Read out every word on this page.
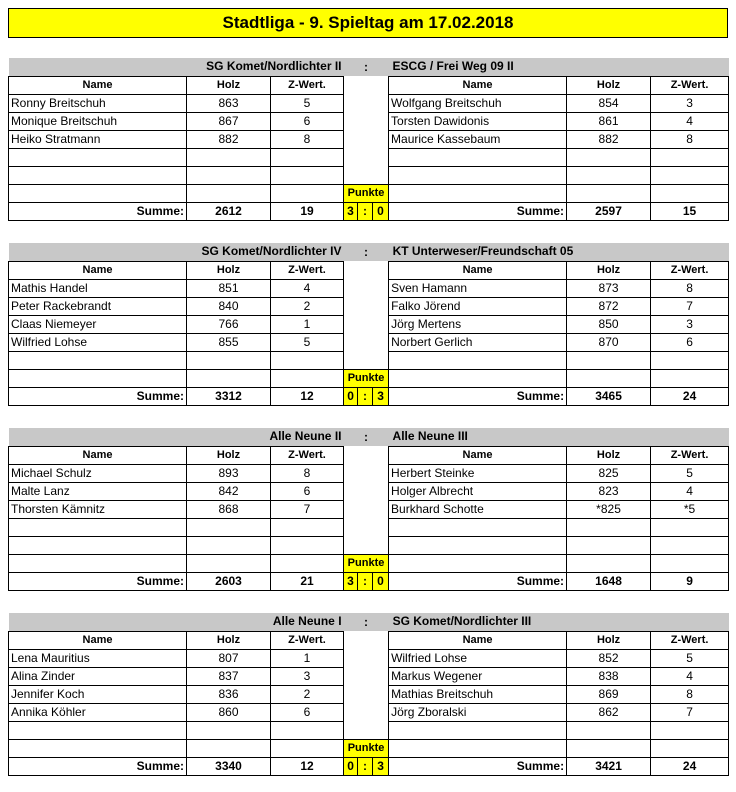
Stadtliga - 9. Spieltag am 17.02.2018
SG Komet/Nordlichter II			:			ESCG / Frei Weg 09 II		
Name	Holz	Z-Wert.				Name	Holz	Z-Wert.
Ronny Breitschuh	863	5				Wolfgang Breitschuh	854	3
Monique Breitschuh	867	6				Torsten Dawidonis	861	4
Heiko Stratmann	882	8				Maurice Kassebaum	882	8

			Punkte					
Summe:	2612	19	3	:	0	Summe:	2597	15
SG Komet/Nordlichter IV			:			KT Unterweser/Freundschaft 05		
Name	Holz	Z-Wert.				Name	Holz	Z-Wert.
Mathis Handel	851	4				Sven Hamann	873	8
Peter Rackebrandt	840	2				Falko Jörend	872	7
Claas Niemeyer	766	1				Jörg Mertens	850	3
Wilfried Lohse	855	5				Norbert Gerlich	870	6

			Punkte					
Summe:	3312	12	0	:	3	Summe:	3465	24
Alle Neune II			:			Alle Neune III		
Name	Holz	Z-Wert.				Name	Holz	Z-Wert.
Michael Schulz	893	8				Herbert Steinke	825	5
Malte Lanz	842	6				Holger Albrecht	823	4
Thorsten Kämnitz	868	7				Burkhard Schotte	*825	*5

			Punkte					
Summe:	2603	21	3	:	0	Summe:	1648	9
Alle Neune I			:			SG Komet/Nordlichter III		
Name	Holz	Z-Wert.				Name	Holz	Z-Wert.
Lena Mauritius	807	1				Wilfried Lohse	852	5
Alina Zinder	837	3				Markus Wegener	838	4
Jennifer Koch	836	2				Mathias Breitschuh	869	8
Annika Köhler	860	6				Jörg Zboralski	862	7

			Punkte					
Summe:	3340	12	0	:	3	Summe:	3421	24
